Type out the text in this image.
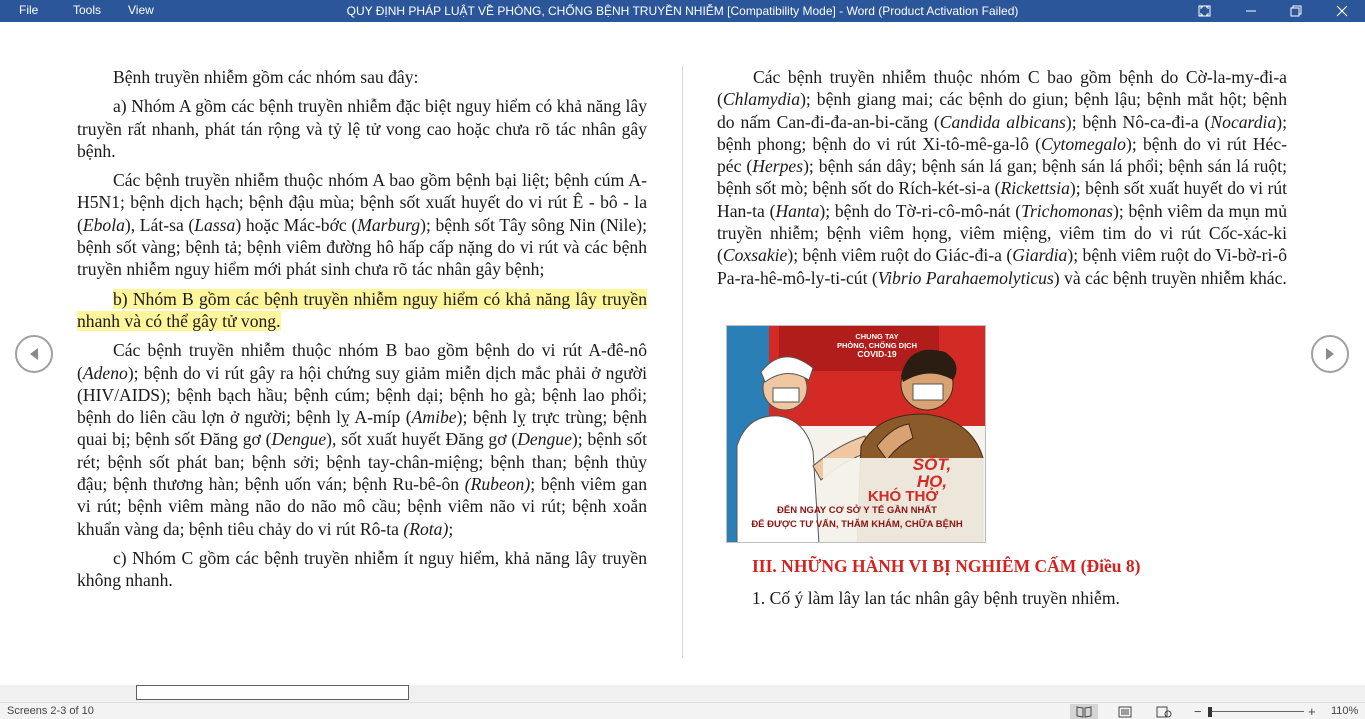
QUY ĐỊNH PHÁP LUẬT VỀ PHÒNG, CHỐNG BỆNH TRUYỀN NHIỄM [Compatibility Mode] - Word (Product Activation Failed)
File	Tools View

Bệnh truyền nhiễm gồm các nhóm sau đây:

a) Nhóm A gồm các bệnh truyền nhiễm đặc biệt nguy hiểm có khả năng lây truyền rất nhanh, phát tán rộng và tỷ lệ tử vong cao hoặc chưa rõ tác nhân gây bệnh.

Các bệnh truyền nhiễm thuộc nhóm A bao gồm bệnh bại liệt; bệnh cúm A-H5N1; bệnh dịch hạch; bệnh đậu mùa; bệnh sốt xuất huyết do vi rút Ê - bô - la (Ebola), Lát-sa (Lassa) hoặc Mác-bớc (Marburg); bệnh sốt Tây sông Nin (Nile); bệnh sốt vàng; bệnh tả; bệnh viêm đường hô hấp cấp nặng do vi rút và các bệnh truyền nhiễm nguy hiểm mới phát sinh chưa rõ tác nhân gây bệnh;

b) Nhóm B gồm các bệnh truyền nhiễm nguy hiểm có khả năng lây truyền nhanh và có thể gây tử vong.

Các bệnh truyền nhiễm thuộc nhóm B bao gồm bệnh do vi rút A-đê-nô (Adeno); bệnh do vi rút gây ra hội chứng suy giảm miễn dịch mắc phải ở người (HIV/AIDS); bệnh bạch hầu; bệnh cúm; bệnh dại; bệnh ho gà; bệnh lao phổi; bệnh do liên cầu lợn ở người; bệnh lỵ A-míp (Amibe); bệnh lỵ trực trùng; bệnh quai bị; bệnh sốt Đăng gơ (Dengue), sốt xuất huyết Đăng gơ (Dengue); bệnh sốt rét; bệnh sốt phát ban; bệnh sởi; bệnh tay-chân-miệng; bệnh than; bệnh thủy đậu; bệnh thương hàn; bệnh uốn ván; bệnh Ru-bê-ôn (Rubeon); bệnh viêm gan vi rút; bệnh viêm màng não do não mô cầu; bệnh viêm não vi rút; bệnh xoắn khuẩn vàng da; bệnh tiêu chảy do vi rút Rô-ta (Rota);

c) Nhóm C gồm các bệnh truyền nhiễm ít nguy hiểm, khả năng lây truyền không nhanh.

Các bệnh truyền nhiễm thuộc nhóm C bao gồm bệnh do Cờ-la-my-đi-a (Chlamydia); bệnh giang mai; các bệnh do giun; bệnh lậu; bệnh mắt hột; bệnh do nấm Can-đi-đa-an-bi-căng (Candida albicans); bệnh Nô-ca-đi-a (Nocardia); bệnh phong; bệnh do vi rút Xi-tô-mê-ga-lô (Cytomegalo); bệnh do vi rút Héc-péc (Herpes); bệnh sán dây; bệnh sán lá gan; bệnh sán lá phổi; bệnh sán lá ruột; bệnh sốt mò; bệnh sốt do Rích-két-si-a (Rickettsia); bệnh sốt xuất huyết do vi rút Han-ta (Hanta); bệnh do Tờ-ri-cô-mô-nát (Trichomonas); bệnh viêm da mụn mủ truyền nhiễm; bệnh viêm họng, viêm miệng, viêm tim do vi rút Cốc-xác-ki (Coxsakie); bệnh viêm ruột do Giác-đi-a (Giardia); bệnh viêm ruột do Vi-bờ-ri-ô Pa-ra-hê-mô-ly-ti-cút (Vibrio Parahaemolyticus) và các bệnh truyền nhiễm khác.

CHUNG TAY
PHÒNG, CHỐNG DỊCH
COVID-19
SỐT,
HO,
KHÓ THỞ
ĐẾN NGAY CƠ SỞ Y TẾ GẦN NHẤT
ĐỂ ĐƯỢC TƯ VẤN, THĂM KHÁM, CHỮA BỆNH
III. NHỮNG HÀNH VI BỊ NGHIÊM CẤM (Điều 8)
1. Cố ý làm lây lan tác nhân gây bệnh truyền nhiễm.
Screens 2-3 of 10	−	+ 110%
